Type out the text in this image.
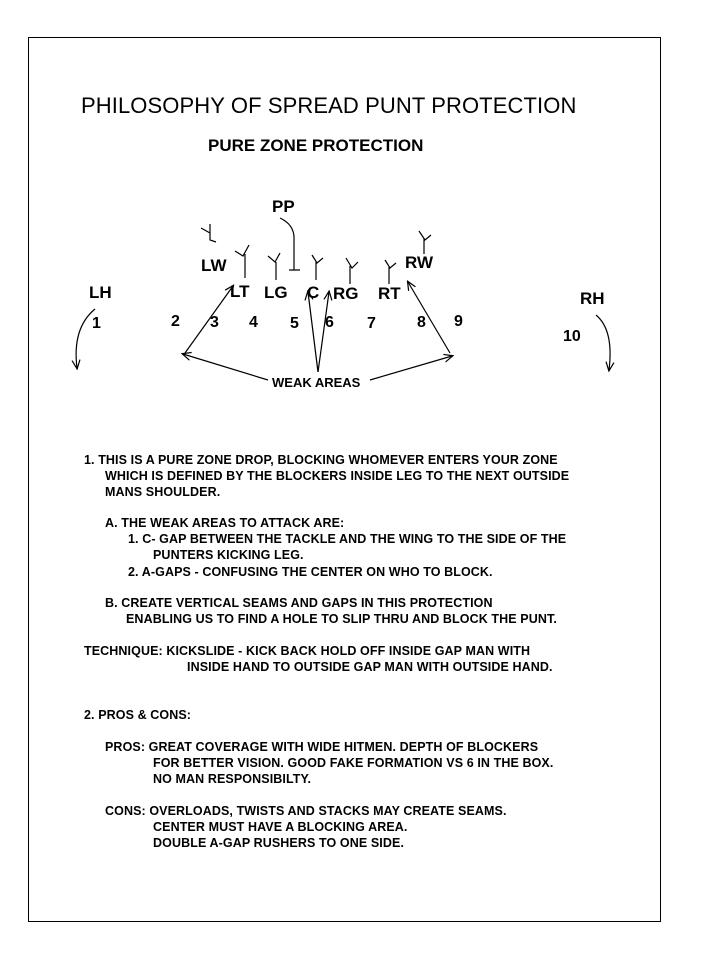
PHILOSOPHY OF SPREAD PUNT PROTECTION
PURE ZONE PROTECTION
PP
LW	RW
LH	RH
LT LG C RG RT
1	2 3 4 5 6 7	8 9
10
WEAK AREAS
1. THIS IS A PURE ZONE DROP, BLOCKING WHOMEVER ENTERS YOUR ZONE
WHICH IS DEFINED BY THE BLOCKERS INSIDE LEG TO THE NEXT OUTSIDE
MANS SHOULDER.
A. THE WEAK AREAS TO ATTACK ARE:
1. C- GAP BETWEEN THE TACKLE AND THE WING TO THE SIDE OF THE
PUNTERS KICKING LEG.
2. A-GAPS - CONFUSING THE CENTER ON WHO TO BLOCK.
B. CREATE VERTICAL SEAMS AND GAPS IN THIS PROTECTION
ENABLING US TO FIND A HOLE TO SLIP THRU AND BLOCK THE PUNT.
TECHNIQUE: KICKSLIDE - KICK BACK HOLD OFF INSIDE GAP MAN WITH
INSIDE HAND TO OUTSIDE GAP MAN WITH OUTSIDE HAND.
2. PROS & CONS:
PROS: GREAT COVERAGE WITH WIDE HITMEN. DEPTH OF BLOCKERS
FOR BETTER VISION. GOOD FAKE FORMATION VS 6 IN THE BOX.
NO MAN RESPONSIBILTY.
CONS: OVERLOADS, TWISTS AND STACKS MAY CREATE SEAMS.
CENTER MUST HAVE A BLOCKING AREA.
DOUBLE A-GAP RUSHERS TO ONE SIDE.
